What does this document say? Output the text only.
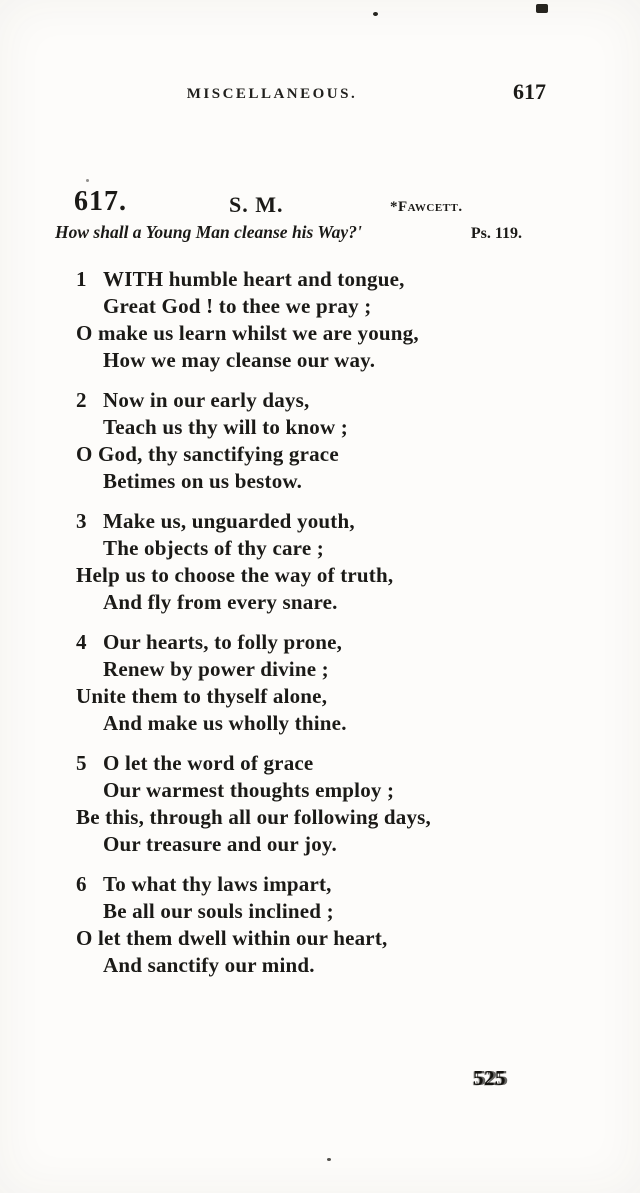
MISCELLANEOUS.	617
617.	S. M.	*Fawcett.
How shall a Young Man cleanse his Way?'	Ps. 119.
1 WITH humble heart and tongue,
Great God ! to thee we pray ;
O make us learn whilst we are young,
How we may cleanse our way.
2 Now in our early days,
Teach us thy will to know ;
O God, thy sanctifying grace
Betimes on us bestow.
3 Make us, unguarded youth,
The objects of thy care ;
Help us to choose the way of truth,
And fly from every snare.
4 Our hearts, to folly prone,
Renew by power divine ;
Unite them to thyself alone,
And make us wholly thine.
5 O let the word of grace
Our warmest thoughts employ ;
Be this, through all our following days,
Our treasure and our joy.
6 To what thy laws impart,
Be all our souls inclined ;
O let them dwell within our heart,
And sanctify our mind.
525
